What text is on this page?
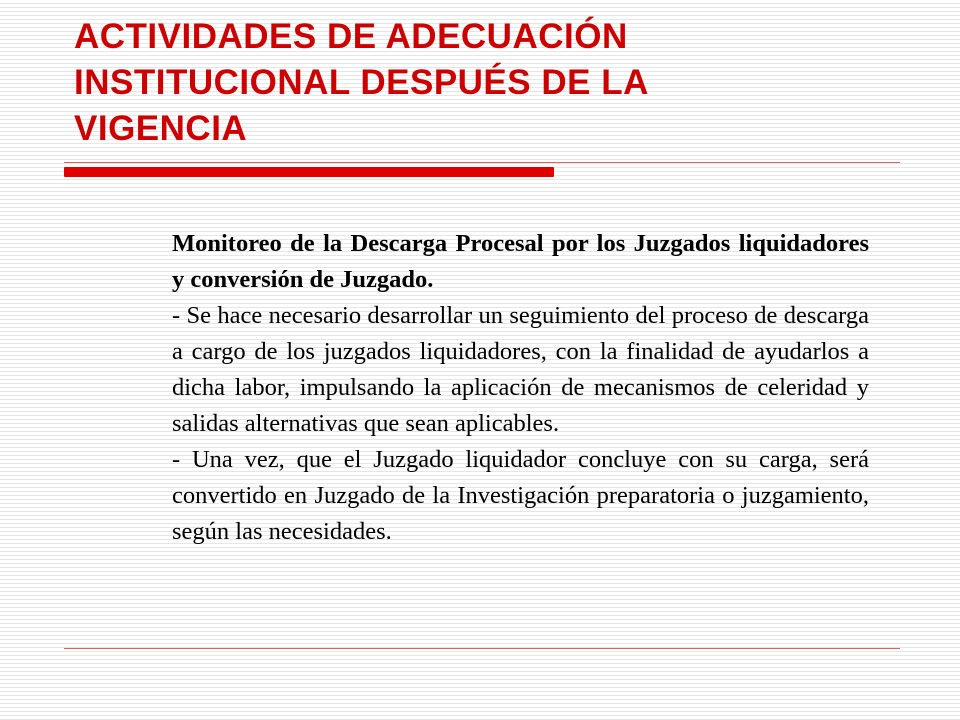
ACTIVIDADES DE ADECUACIÓN
INSTITUCIONAL DESPUÉS DE LA
VIGENCIA

Monitoreo de la Descarga Procesal por los Juzgados liquidadores y conversión de Juzgado.

- Se hace necesario desarrollar un seguimiento del proceso de descarga a cargo de los juzgados liquidadores, con la finalidad de ayudarlos a dicha labor, impulsando la aplicación de mecanismos de celeridad y salidas alternativas que sean aplicables.

- Una vez, que el Juzgado liquidador concluye con su carga, será convertido en Juzgado de la Investigación preparatoria o juzgamiento, según las necesidades.
